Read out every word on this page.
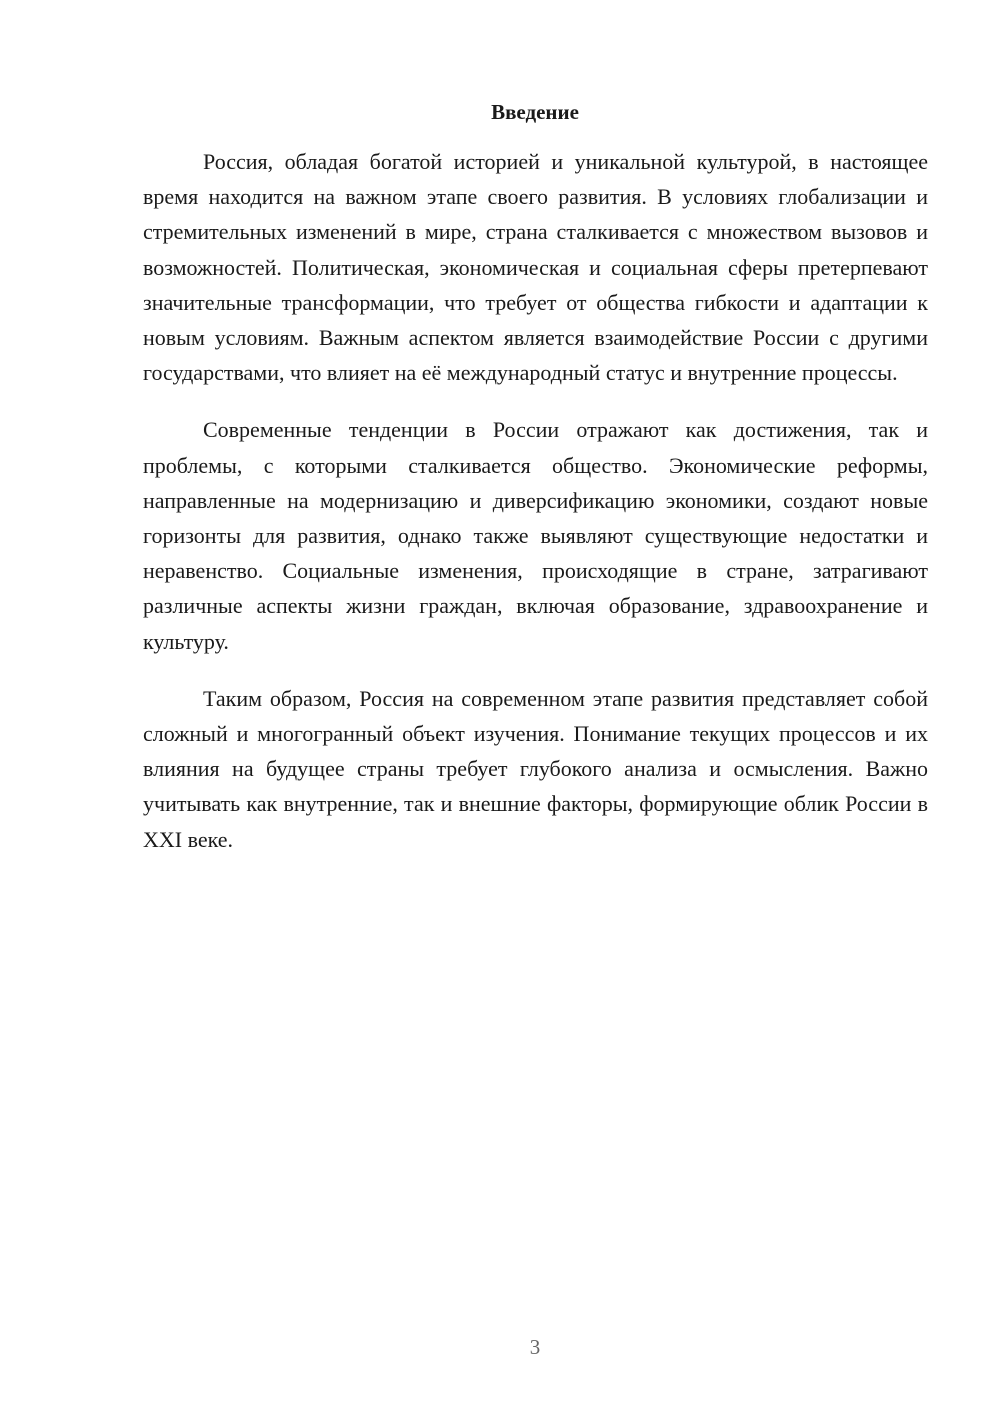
Введение

Россия, обладая богатой историей и уникальной культурой, в настоящее время находится на важном этапе своего развития. В условиях глобализации и стремительных изменений в мире, страна сталкивается с множеством вызовов и возможностей. Политическая, экономическая и социальная сферы претерпевают значительные трансформации, что требует от общества гибкости и адаптации к новым условиям. Важным аспектом является взаимодействие России с другими государствами, что влияет на её международный статус и внутренние процессы.

Современные тенденции в России отражают как достижения, так и проблемы, с которыми сталкивается общество. Экономические реформы, направленные на модернизацию и диверсификацию экономики, создают новые горизонты для развития, однако также выявляют существующие недостатки и неравенство. Социальные изменения, происходящие в стране, затрагивают различные аспекты жизни граждан, включая образование, здравоохранение и культуру.

Таким образом, Россия на современном этапе развития представляет собой сложный и многогранный объект изучения. Понимание текущих процессов и их влияния на будущее страны требует глубокого анализа и осмысления. Важно учитывать как внутренние, так и внешние факторы, формирующие облик России в XXI веке.

3
